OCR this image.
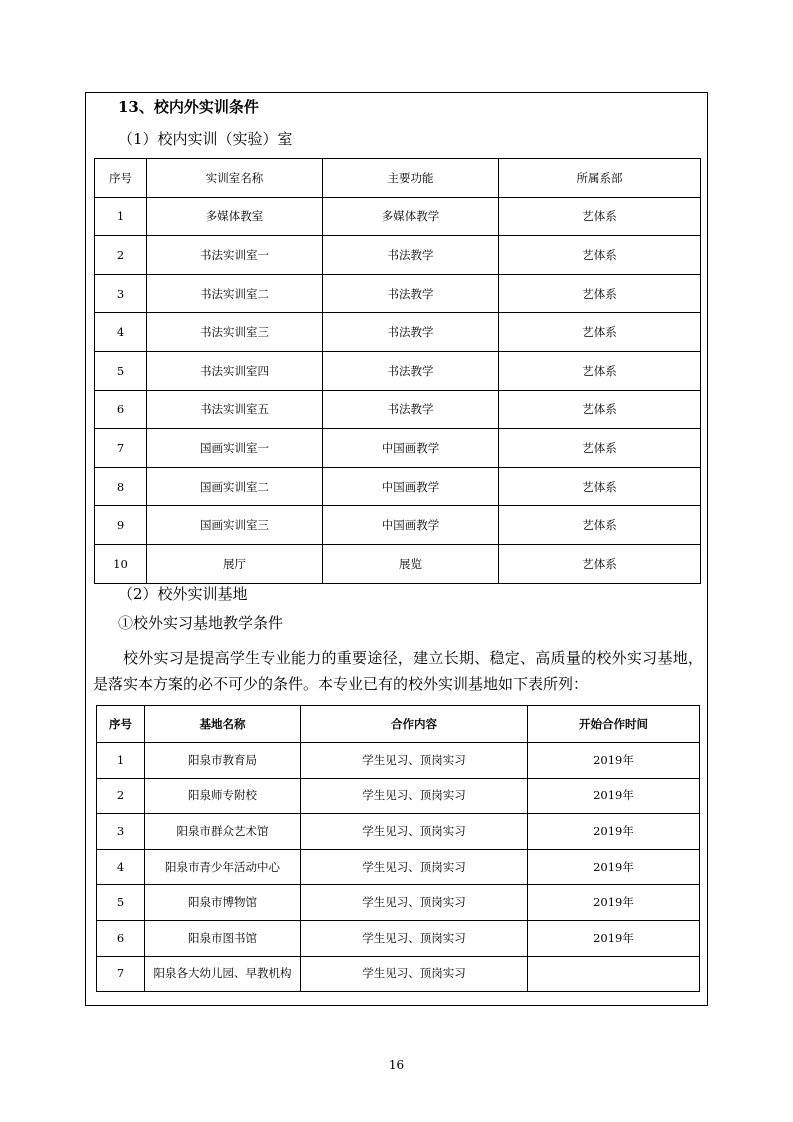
13、校内外实训条件
（1）校内实训（实验）室
序号	实训室名称	主要功能	所属系部
1	多媒体教室	多媒体教学	艺体系
2	书法实训室一	书法教学	艺体系
3	书法实训室二	书法教学	艺体系
4	书法实训室三	书法教学	艺体系
5	书法实训室四	书法教学	艺体系
6	书法实训室五	书法教学	艺体系
7	国画实训室一	中国画教学	艺体系
8	国画实训室二	中国画教学	艺体系
9	国画实训室三	中国画教学	艺体系
10	展厅	展览	艺体系
（2）校外实训基地
①校外实习基地教学条件
校外实习是提高学生专业能力的重要途径，建立长期、稳定、高质量的校外实习基地，是落实本方案的必不可少的条件。本专业已有的校外实训基地如下表所列：
序号	基地名称	合作内容	开始合作时间
1	阳泉市教育局	学生见习、顶岗实习	2019年
2	阳泉师专附校	学生见习、顶岗实习	2019年
3	阳泉市群众艺术馆	学生见习、顶岗实习	2019年
4	阳泉市青少年活动中心	学生见习、顶岗实习	2019年
5	阳泉市博物馆	学生见习、顶岗实习	2019年
6	阳泉市图书馆	学生见习、顶岗实习	2019年
7	阳泉各大幼儿园、早教机构	学生见习、顶岗实习	
16
